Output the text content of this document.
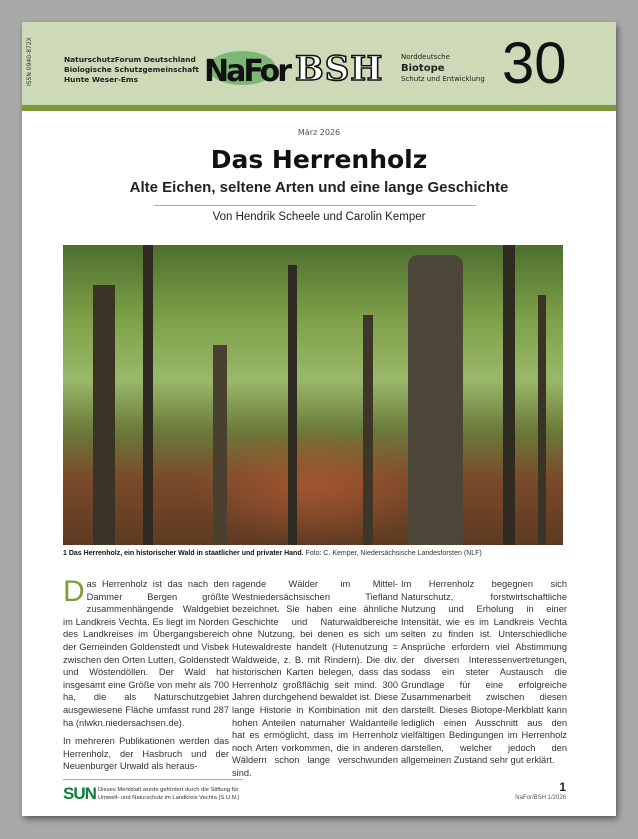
ISSN 0940-872X	NaturschutzForum Deutschland
Biologische Schutzgemeinschaft
Hunte Weser-Ems	NaFor BSH	Norddeutsche
Biotope
Schutz und Entwicklung 30
März 2026
Das Herrenholz
Alte Eichen, seltene Arten und eine lange Geschichte
Von Hendrik Scheele und Carolin Kemper
1 Das Herrenholz, ein historischer Wald in staatlicher und privater Hand. Foto: C. Kemper, Niedersächsische Landesforsten (NLF)

Das Herrenholz ist das nach den Dammer Bergen größte zusammenhängende Waldgebiet im Landkreis Vechta. Es liegt im Norden des Landkreises im Übergangsbereich der Gemeinden Goldenstedt und Visbek zwischen den Orten Lutten, Goldenstedt und Wöstendöllen. Der Wald hat insgesamt eine Größe von mehr als 700 ha, die als Naturschutzgebiet ausgewiesene Fläche umfasst rund 287 ha (nlwkn.niedersachsen.de).

In mehreren Publikationen werden das Herrenholz, der Hasbruch und der Neuenburger Urwald als heraus-

ragende Wälder im Mittel-Westniedersächsischen Tiefland bezeichnet. Sie haben eine ähnliche Geschichte und Naturwaldbereiche ohne Nutzung, bei denen es sich um Hutewaldreste handelt (Hutenutzung = Waldweide, z. B. mit Rindern). Die div. historischen Karten belegen, dass das Herrenholz großflächig seit mind. 300 Jahren durchgehend bewaldet ist. Diese lange Historie in Kombination mit den hohen Anteilen naturnaher Waldanteile hat es ermöglicht, dass im Herrenholz noch Arten vorkommen, die in anderen Wäldern schon lange verschwunden sind.

Im Herrenholz begegnen sich Naturschutz, forstwirtschaftliche Nutzung und Erholung in einer Intensität, wie es im Landkreis Vechta selten zu finden ist. Unterschiedliche Ansprüche erfordern viel Abstimmung der diversen Interessenvertretungen, sodass ein steter Austausch die Grundlage für eine erfolgreiche Zusammenarbeit zwischen diesen darstellt. Dieses Biotope-Merkblatt kann lediglich einen Ausschnitt aus den vielfältigen Bedingungen im Herrenholz darstellen, welcher jedoch den allgemeinen Zustand sehr gut erklärt.

SUN Dieses Merkblatt wurde gefördert durch die Stiftung für
Umwelt- und Naturschutz im Landkreis Vechta (S.U.N.)
1
NaFor/BSH 1/2026
